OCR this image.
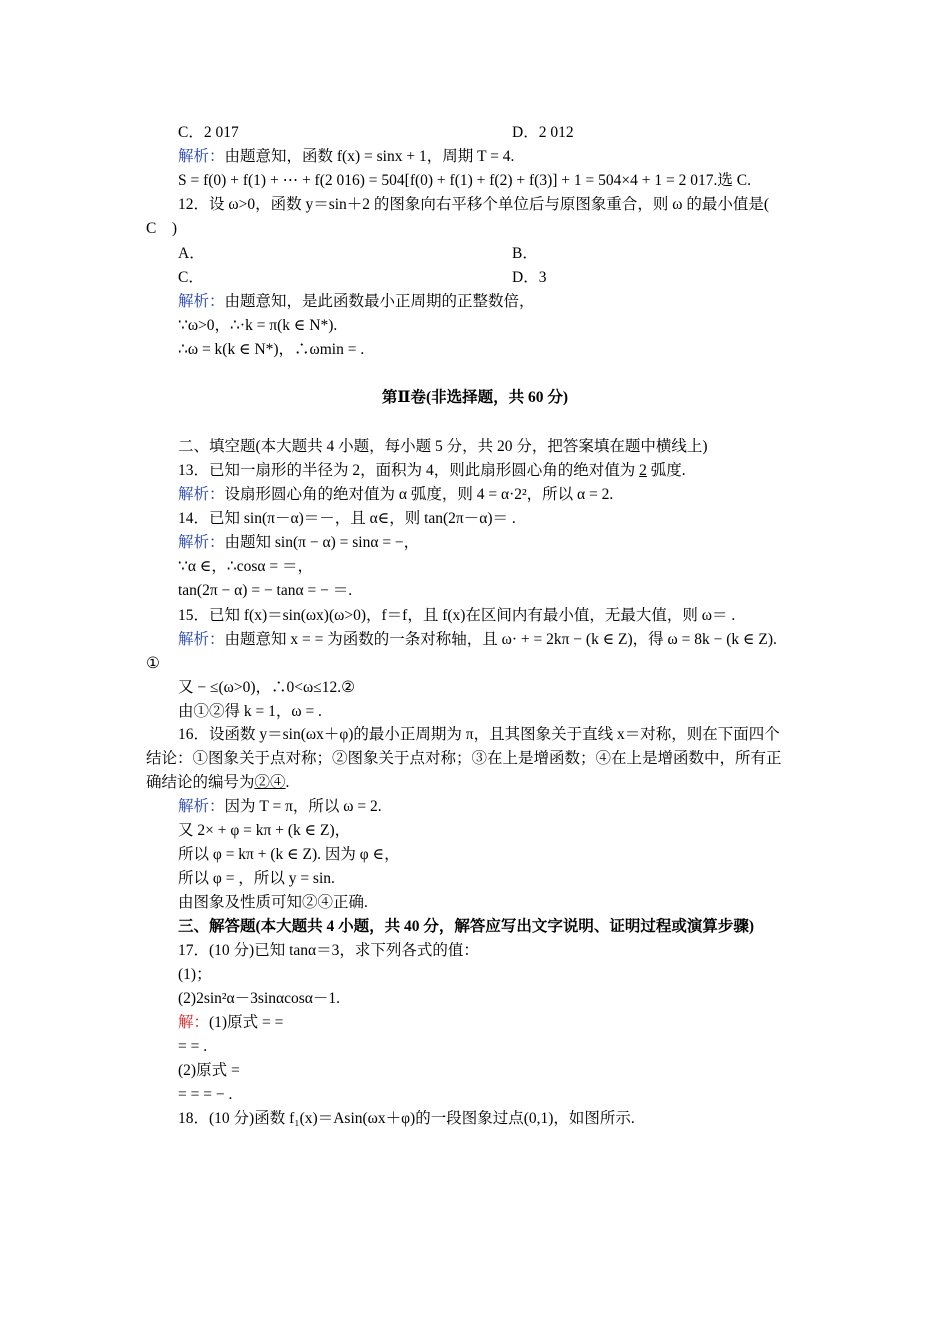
C．2 017	D．2 012
解析：由题意知，函数 f(x) = sinx + 1，周期 T = 4.
S = f(0) + f(1) + ⋯ + f(2 016) = 504[f(0) + f(1) + f(2) + f(3)] + 1 = 504×4 + 1 = 2 017.选 C.
12．设 ω>0，函数 y＝sin＋2 的图象向右平移个单位后与原图象重合，则 ω 的最小值是(
C　)
A．	B．
C．	D．3
解析：由题意知，是此函数最小正周期的正整数倍，
∵ω>0，∴·k = π(k ∈ N*).
∴ω = k(k ∈ N*)，∴ωmin = .
第Ⅱ卷(非选择题，共 60 分)
二、填空题(本大题共 4 小题，每小题 5 分，共 20 分，把答案填在题中横线上)
13．已知一扇形的半径为 2，面积为 4，则此扇形圆心角的绝对值为 2 弧度.
解析：设扇形圆心角的绝对值为 α 弧度，则 4 = α·2²，所以 α = 2.
14．已知 sin(π－α)＝－，且 α∈，则 tan(2π－α)＝ .
解析：由题知 sin(π − α) = sinα = −，
∵α ∈，∴cosα = ＝，
tan(2π − α) = − tanα = − ＝.
15．已知 f(x)＝sin(ωx)(ω>0)，f＝f，且 f(x)在区间内有最小值，无最大值，则 ω＝ .
解析：由题意知 x = = 为函数的一条对称轴，且 ω· + = 2kπ − (k ∈ Z)，得 ω = 8k − (k ∈ Z).
①
又 − ≤(ω>0)，∴0<ω≤12.②
由①②得 k = 1，ω = .
16．设函数 y＝sin(ωx＋φ)的最小正周期为 π，且其图象关于直线 x＝对称，则在下面四个
结论：①图象关于点对称；②图象关于点对称；③在上是增函数；④在上是增函数中，所有正
确结论的编号为②④.
解析：因为 T = π，所以 ω = 2.
又 2× + φ = kπ + (k ∈ Z)，
所以 φ = kπ + (k ∈ Z). 因为 φ ∈，
所以 φ = ，所以 y = sin.
由图象及性质可知②④正确.
三、解答题(本大题共 4 小题，共 40 分，解答应写出文字说明、证明过程或演算步骤)
17．(10 分)已知 tanα＝3，求下列各式的值：
(1)；
(2)2sin²α－3sinαcosα－1.
解：(1)原式 = =
= = .
(2)原式 =
= = = − .
18．(10 分)函数 f₁(x)＝Asin(ωx＋φ)的一段图象过点(0,1)，如图所示.
